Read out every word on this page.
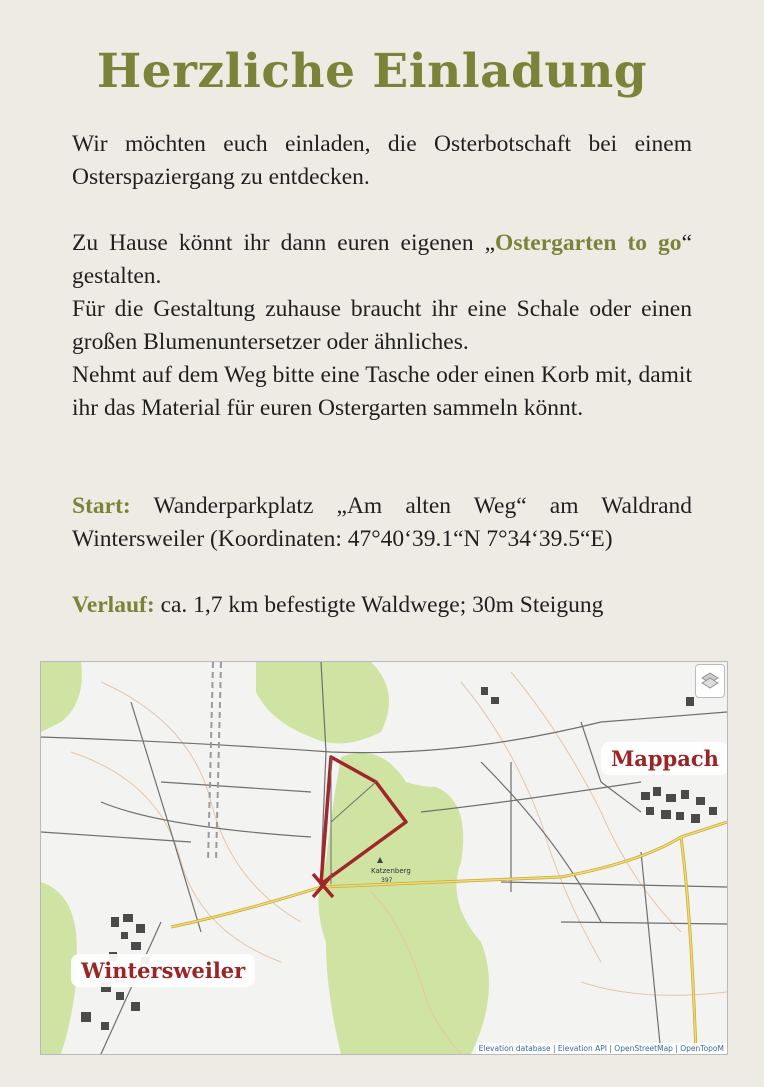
Herzliche Einladung

Wir möchten euch einladen, die Osterbotschaft bei einem Osterspaziergang zu entdecken.

Zu Hause könnt ihr dann euren eigenen „Ostergarten to go“ gestalten.

Für die Gestaltung zuhause braucht ihr eine Schale oder einen großen Blumenuntersetzer oder ähnliches.

Nehmt auf dem Weg bitte eine Tasche oder einen Korb mit, damit ihr das Material für euren Ostergarten sammeln könnt.

Start: Wanderparkplatz „Am alten Weg“ am Waldrand Wintersweiler (Koordinaten: 47°40‘39.1“N 7°34‘39.5“E)

Verlauf: ca. 1,7 km befestigte Waldwege; 30m Steigung

Katzenberg
397
Mappach
Wintersweiler
Elevation database | Elevation API | OpenStreetMap | OpenTopoM
